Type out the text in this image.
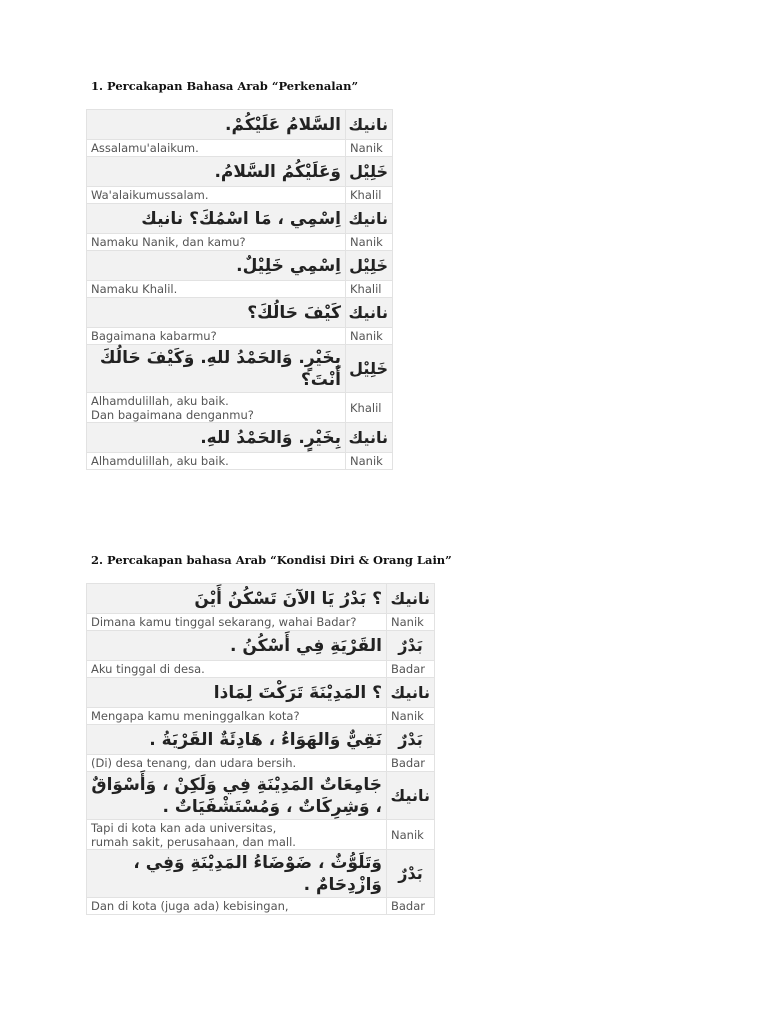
1. Percakapan Bahasa Arab “Perkenalan”
السَّلامُ عَلَيْكُمْ.	نانيك
Assalamu'alaikum.	Nanik
وَعَلَيْكُمُ السَّلامُ.	خَلِيْل
Wa'alaikumussalam.	Khalil
اِسْمِي ، مَا اسْمُكَ؟ نانيك	نانيك
Namaku Nanik, dan kamu?	Nanik
اِسْمِي خَلِيْلٌ.	خَلِيْل
Namaku Khalil.	Khalil
كَيْفَ حَالُكَ؟	نانيك
Bagaimana kabarmu?	Nanik
بِخَيْرٍ. وَالحَمْدُ للهِ. وَكَيْفَ حَالُكَ أَنْتَ؟	خَلِيْل
Alhamdulillah, aku baik.
Dan bagaimana denganmu?	Khalil
بِخَيْرٍ. وَالحَمْدُ للهِ.	نانيك
Alhamdulillah, aku baik.	Nanik
2. Percakapan bahasa Arab “Kondisi Diri & Orang Lain”
؟ بَدْرُ يَا الآنَ تَسْكُنُ أَيْنَ	نانيك
Dimana kamu tinggal sekarang, wahai Badar?	Nanik
القَرْيَةِ فِي أَسْكُنُ .	بَدْرٌ
Aku tinggal di desa.	Badar
؟ المَدِيْنَةَ تَرَكْتَ لِمَاذا	نانيك
Mengapa kamu meninggalkan kota?	Nanik
نَقِيٌّ وَالهَوَاءُ ، هَادِئَةٌ القَرْيَةُ .	بَدْرٌ
(Di) desa tenang, dan udara bersih.	Badar
جَامِعَاتٌ المَدِيْنَةِ فِي وَلَكِنْ ، وَأَسْوَاقٌ ، وَشِرِكَاتٌ ، وَمُسْتَشْفَيَاتٌ .	نانيك
Tapi di kota kan ada universitas,
rumah sakit, perusahaan, dan mall.	Nanik
وَتَلَوُّثٌ ، ضَوْضَاءُ المَدِيْنَةِ وَفِي ، وَازْدِحَامٌ .	بَدْرٌ
Dan di kota (juga ada) kebisingan,	Badar
